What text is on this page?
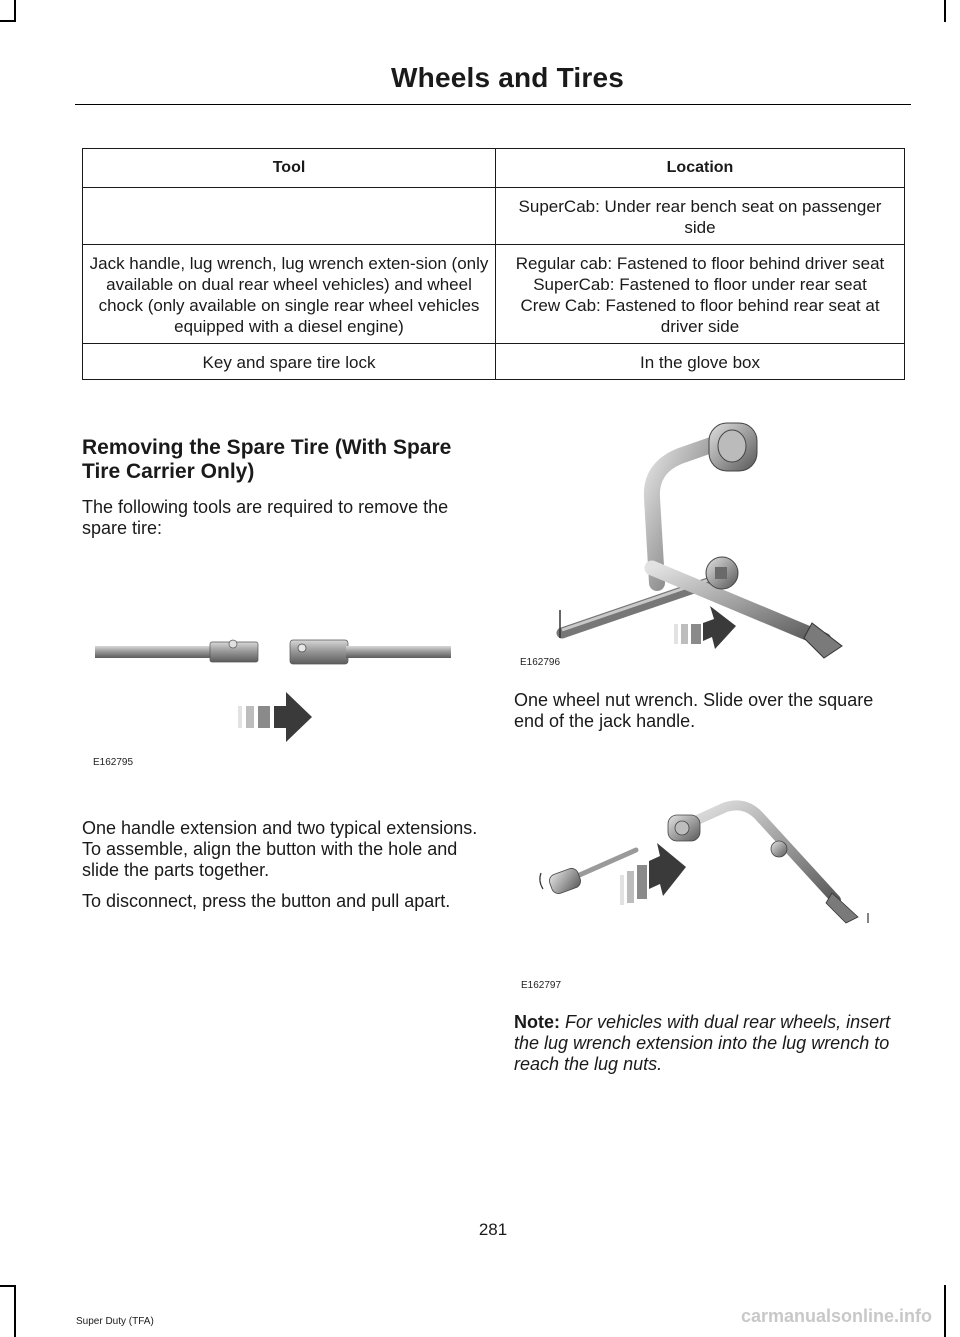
Wheels and Tires
Tool	Location

	SuperCab: Under rear bench seat on passenger side

Jack handle, lug wrench, lug wrench exten-sion (only available on dual rear wheel vehicles) and wheel chock (only available on single rear wheel vehicles equipped with a diesel engine)	Regular cab: Fastened to floor behind driver seat
SuperCab: Fastened to floor under rear seat
Crew Cab: Fastened to floor behind rear seat at driver side

Key and spare tire lock	In the glove box
Removing the Spare Tire (With Spare Tire Carrier Only)

The following tools are required to remove the spare tire:

E162795

One handle extension and two typical extensions. To assemble, align the button with the hole and slide the parts together.

To disconnect, press the button and pull apart.

E162796

One wheel nut wrench. Slide over the square end of the jack handle.

E162797

Note: For vehicles with dual rear wheels, insert the lug wrench extension into the lug wrench to reach the lug nuts.

281
Super Duty (TFA)	carmanualsonline.info
